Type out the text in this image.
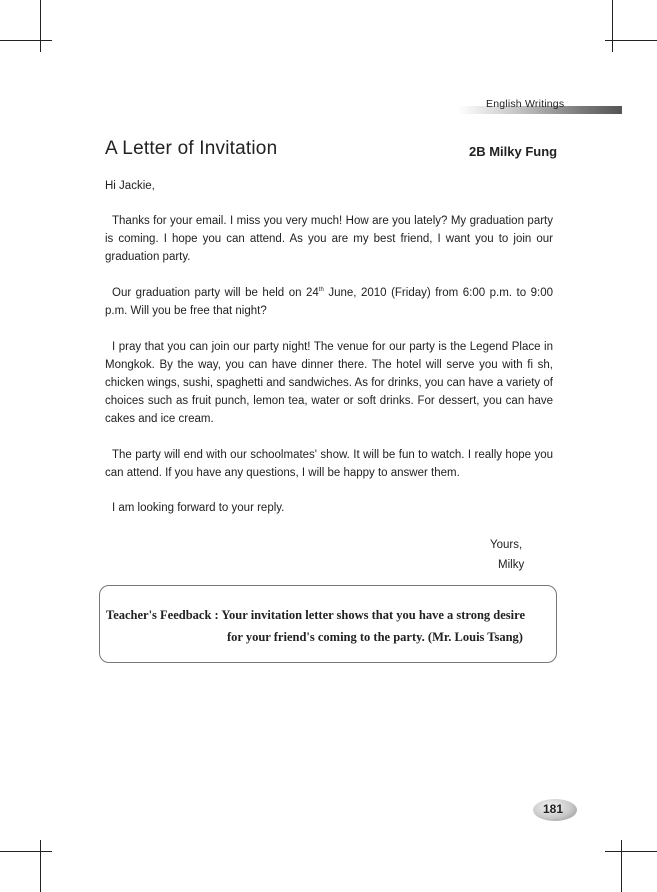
English Writings
A Letter of Invitation	2B Milky Fung
Hi Jackie,
Thanks for your email. I miss you very much! How are you lately? My graduation party is coming. I hope you can attend. As you are my best friend, I want you to join our graduation party.
Our graduation party will be held on 24th June, 2010 (Friday) from 6:00 p.m. to 9:00 p.m. Will you be free that night?
I pray that you can join our party night! The venue for our party is the Legend Place in Mongkok. By the way, you can have dinner there. The hotel will serve you with fi sh, chicken wings, sushi, spaghetti and sandwiches. As for drinks, you can have a variety of choices such as fruit punch, lemon tea, water or soft drinks. For dessert, you can have cakes and ice cream.
The party will end with our schoolmates' show. It will be fun to watch. I really hope you can attend. If you have any questions, I will be happy to answer them.
I am looking forward to your reply.
Yours,
Milky
Teacher's Feedback : Your invitation letter shows that you have a strong desire
for your friend's coming to the party. (Mr. Louis Tsang)
181
